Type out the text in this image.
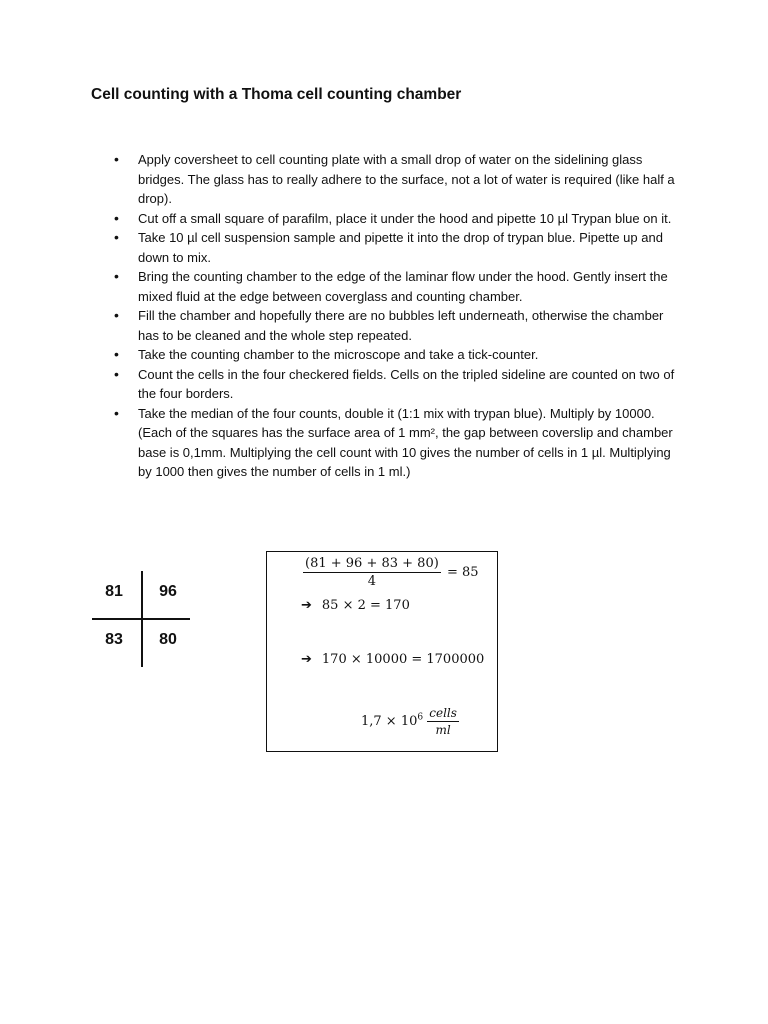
Cell counting with a Thoma cell counting chamber
• Apply coversheet to cell counting plate with a small drop of water on the sidelining glass bridges. The glass has to really adhere to the surface, not a lot of water is required (like half a drop).
• Cut off a small square of parafilm, place it under the hood and pipette 10 µl Trypan blue on it.
• Take 10 µl cell suspension sample and pipette it into the drop of trypan blue. Pipette up and down to mix.
• Bring the counting chamber to the edge of the laminar flow under the hood. Gently insert the mixed fluid at the edge between coverglass and counting chamber.
• Fill the chamber and hopefully there are no bubbles left underneath, otherwise the chamber has to be cleaned and the whole step repeated.
• Take the counting chamber to the microscope and take a tick-counter.
• Count the cells in the four checkered fields. Cells on the tripled sideline are counted on two of the four borders.
• Take the median of the four counts, double it (1:1 mix with trypan blue). Multiply by 10000. (Each of the squares has the surface area of 1 mm², the gap between coverslip and chamber base is 0,1mm. Multiplying the cell count with 10 gives the number of cells in 1 µl. Multiplying by 1000 then gives the number of cells in 1 ml.)
81	96
83	80
$\frac{(81 + 96 + 83 + 80)}{4} = 85$
➔ 85 × 2 = 170
➔ 170 × 10000 = 1700000
$1,7 \times 10^6 \frac{\text{cells}}{ml}$
